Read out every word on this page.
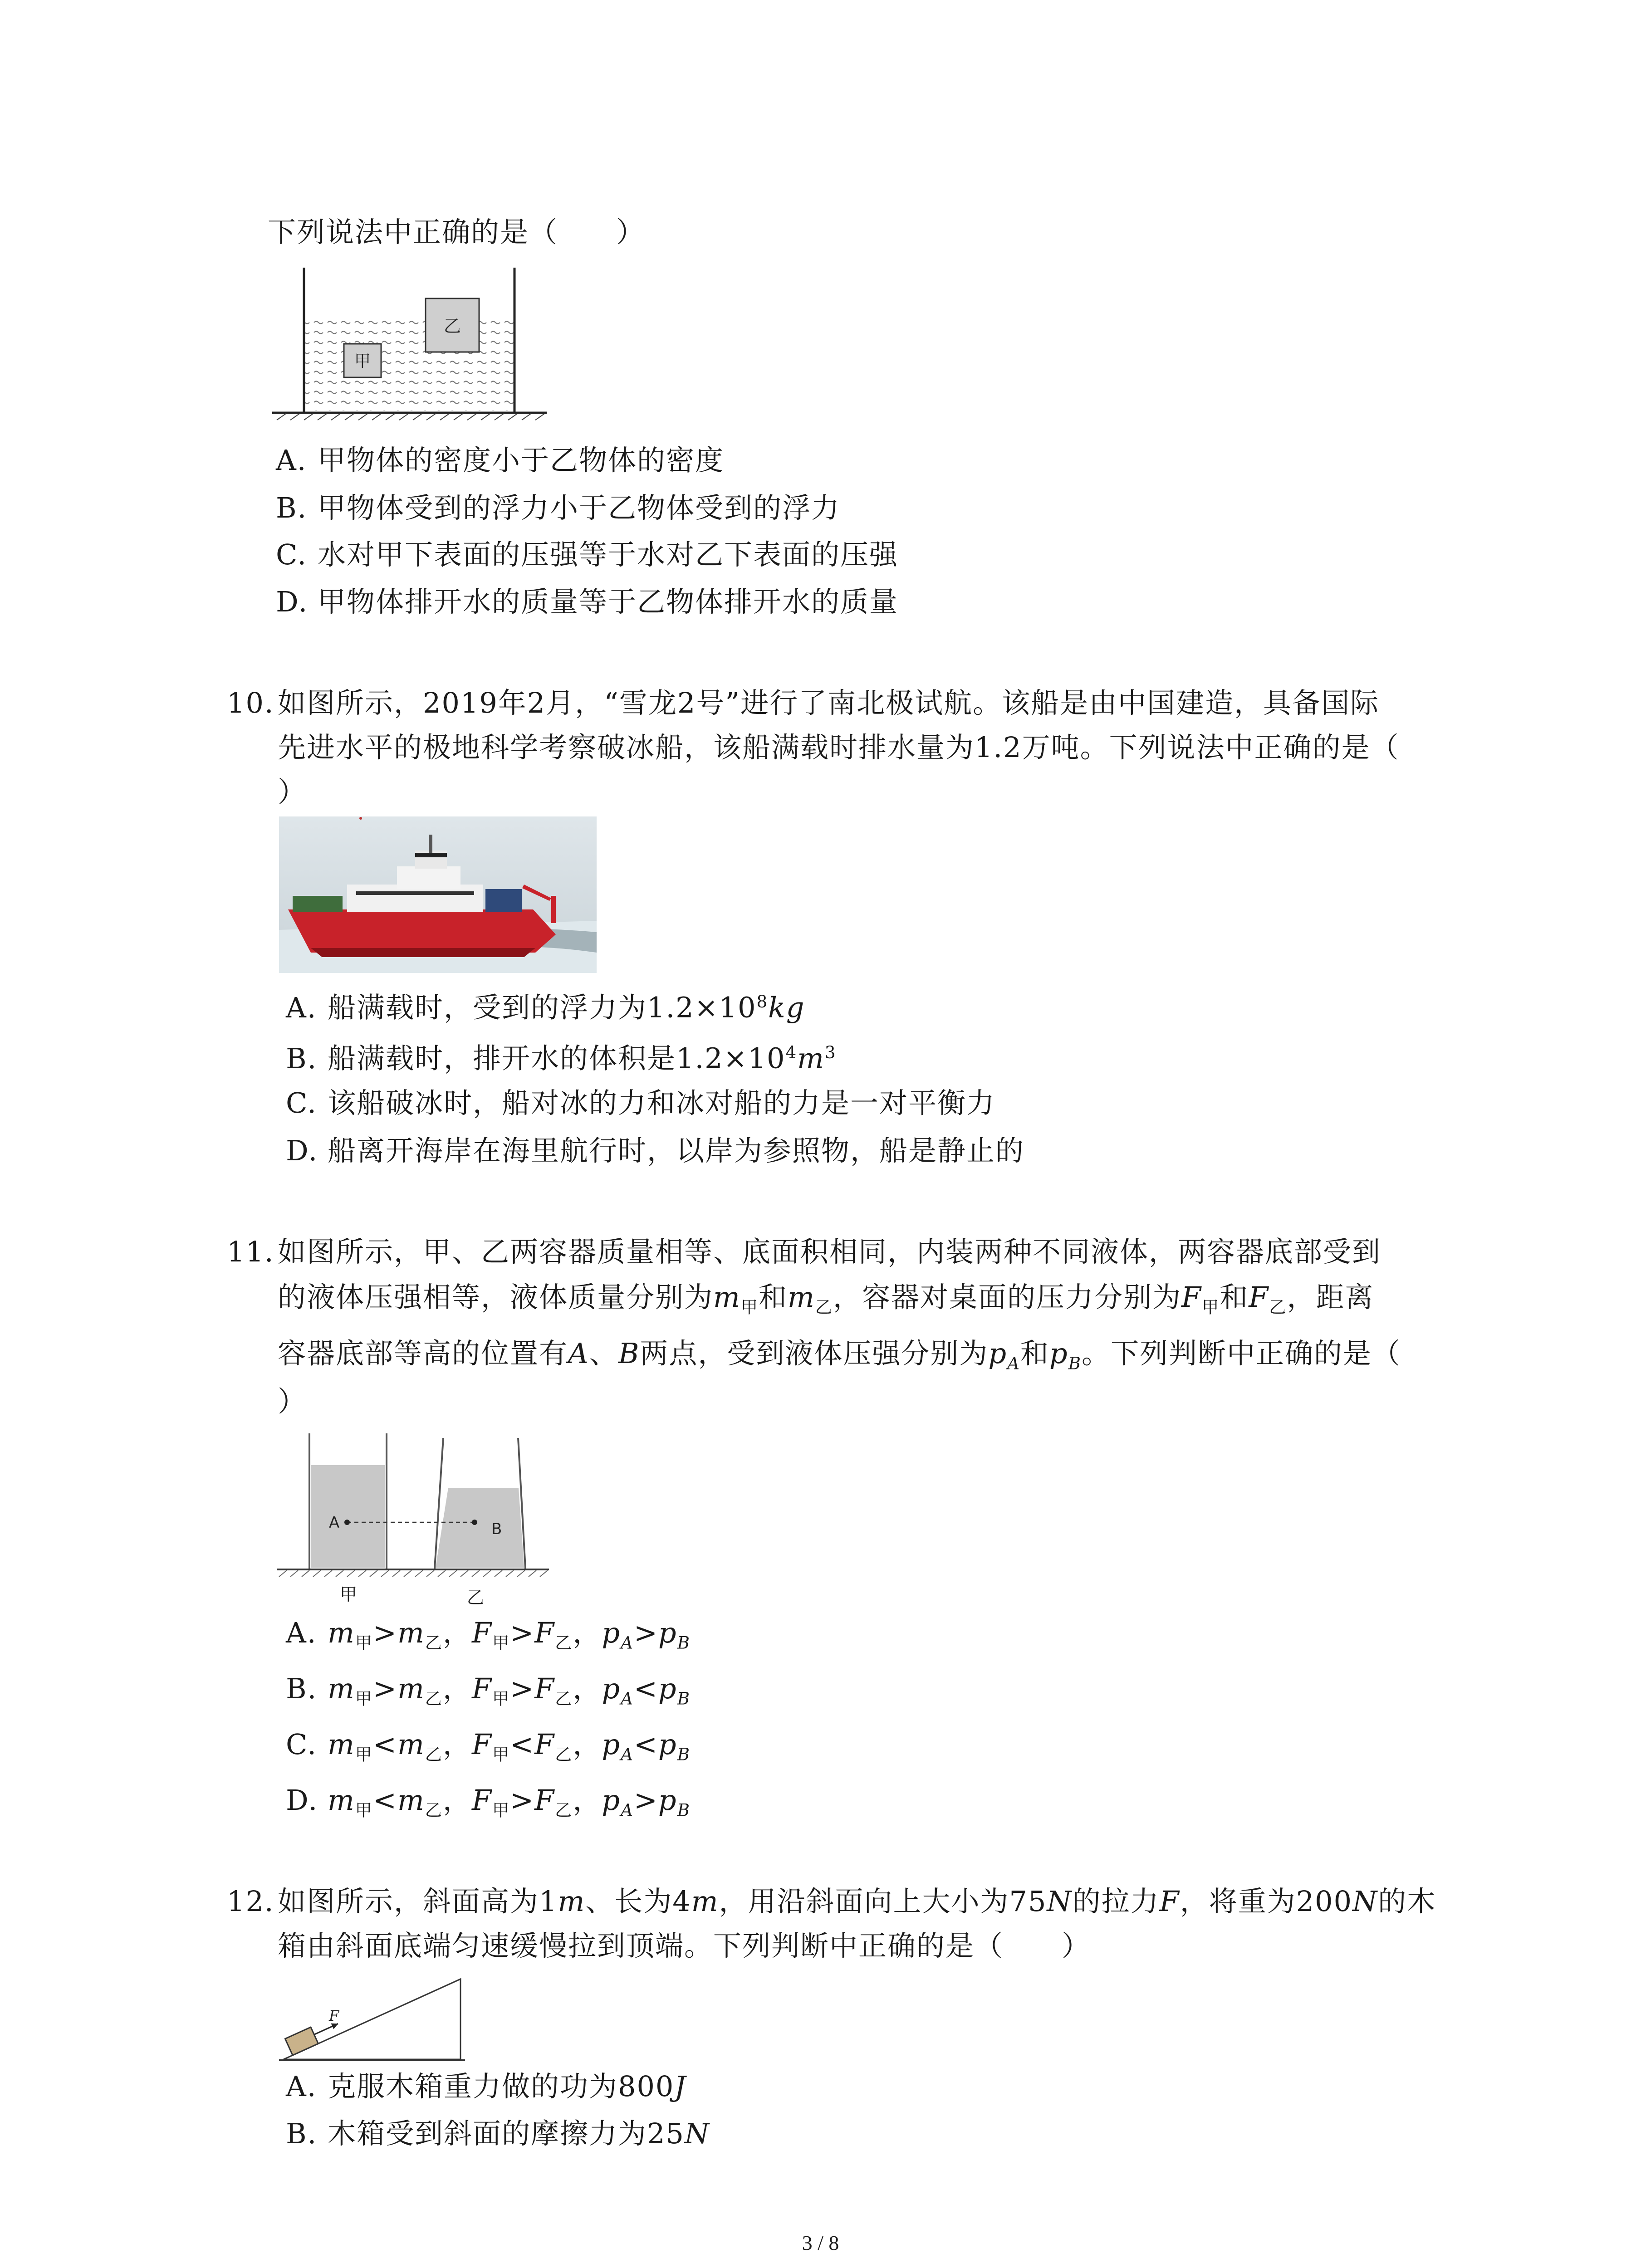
下列说法中正确的是（　　）
甲
乙
A. 甲物体的密度小于乙物体的密度
B. 甲物体受到的浮力小于乙物体受到的浮力
C. 水对甲下表面的压强等于水对乙下表面的压强
D. 甲物体排开水的质量等于乙物体排开水的质量
10. 如图所示，2019年2月，“雪龙2号”进行了南北极试航。该船是由中国建造，具备国际
先进水平的极地科学考察破冰船，该船满载时排水量为1.2万吨。下列说法中正确的是（
）
A. 船满载时，受到的浮力为$1.2\times 10^8kg$
B. 船满载时，排开水的体积是$1.2\times 10^4m^3$
C. 该船破冰时，船对冰的力和冰对船的力是一对平衡力
D. 船离开海岸在海里航行时，以岸为参照物，船是静止的
11. 如图所示，甲、乙两容器质量相等、底面积相同，内装两种不同液体，两容器底部受到
的液体压强相等，液体质量分别为$m_甲$和$m_乙$，容器对桌面的压力分别为$F_甲$和$F_乙$，距离
容器底部等高的位置有A、B两点，受到液体压强分别为$p_A$和$p_B$。下列判断中正确的是（
）
A	B
甲	乙
A. $m_甲>m_乙$，$F_甲>F_乙$，$p_A>p_B$
B. $m_甲>m_乙$，$F_甲>F_乙$，$p_A<p_B$
C. $m_甲<m_乙$，$F_甲<F_乙$，$p_A<p_B$
D. $m_甲<m_乙$，$F_甲>F_乙$，$p_A>p_B$
12. 如图所示，斜面高为1m、长为4m，用沿斜面向上大小为75N的拉力F，将重为200N的木
箱由斜面底端匀速缓慢拉到顶端。下列判断中正确的是（　　）
F
A. 克服木箱重力做的功为800J
B. 木箱受到斜面的摩擦力为25N
3 / 8
